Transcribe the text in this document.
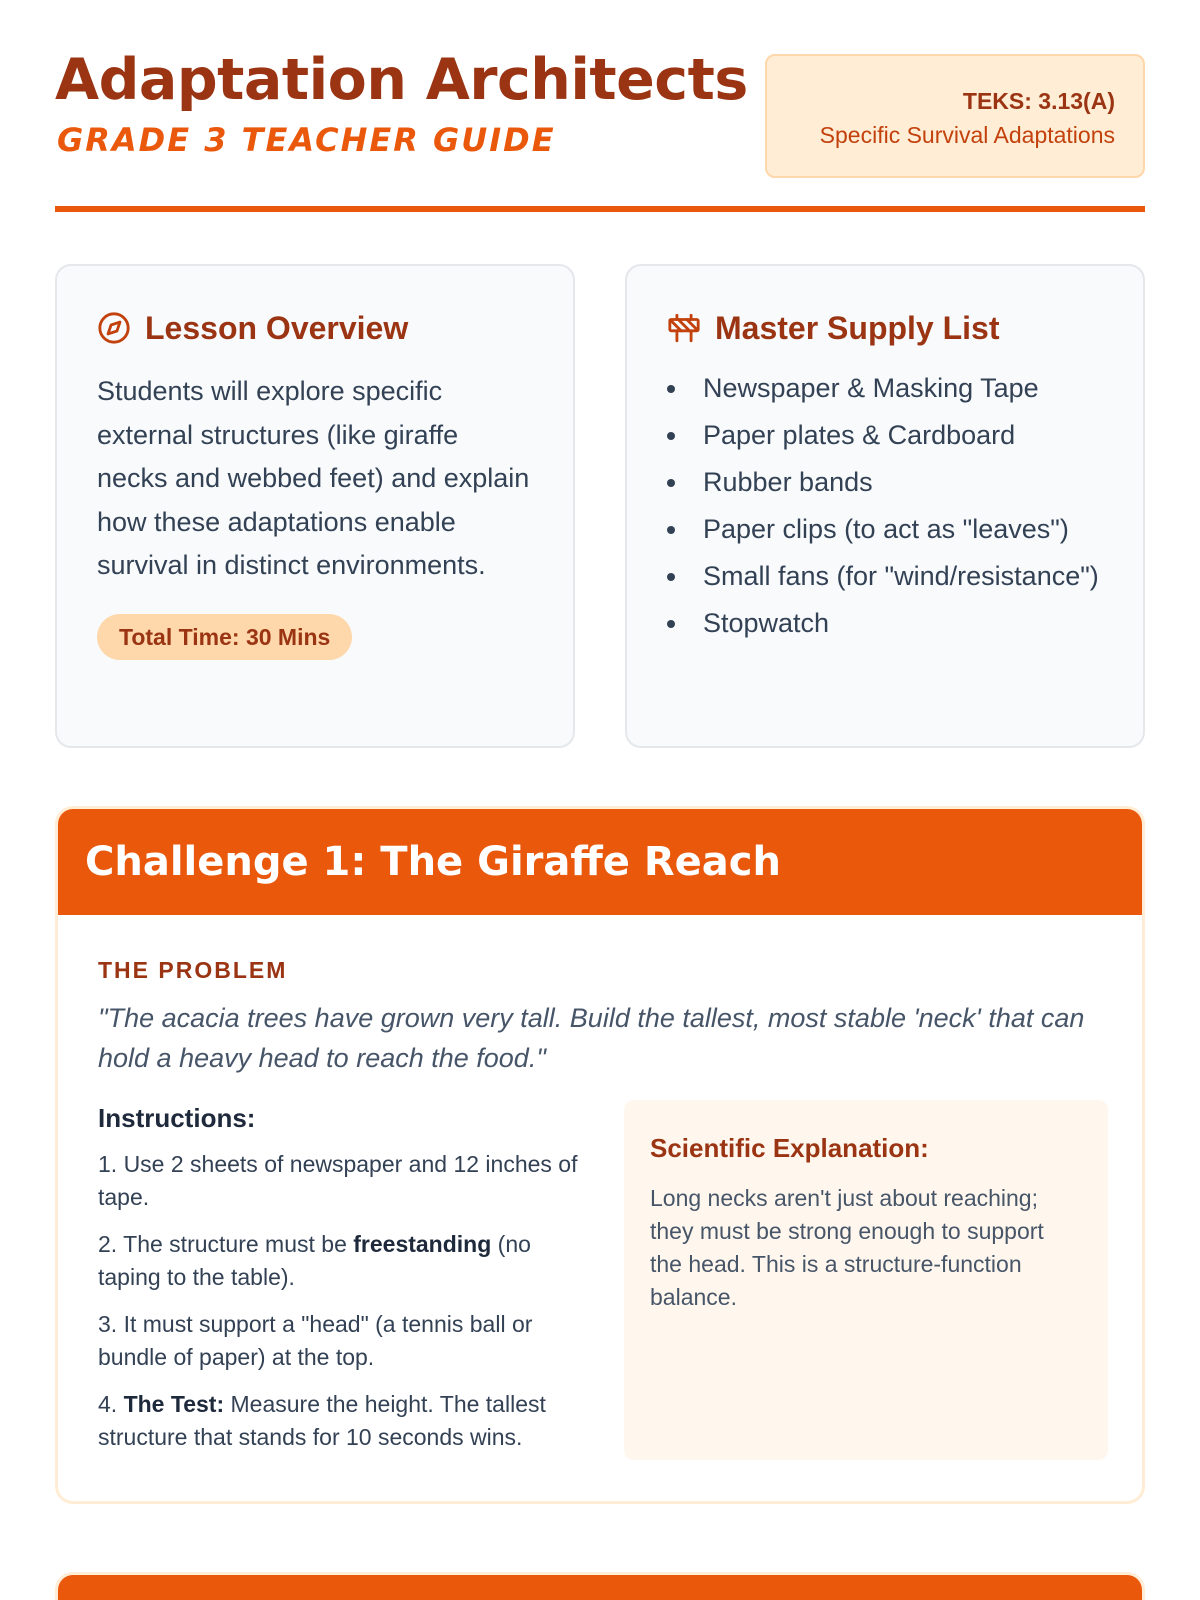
Adaptation Architects
GRADE 3 TEACHER GUIDE
TEKS: 3.13(A)
Specific Survival Adaptations
Lesson Overview

Students will explore specific external structures (like giraffe necks and webbed feet) and explain how these adaptations enable survival in distinct environments.

Total Time: 30 Mins
Master Supply List
Newspaper & Masking Tape
Paper plates & Cardboard
Rubber bands
Paper clips (to act as "leaves")
Small fans (for "wind/resistance")
Stopwatch
Challenge 1: The Giraffe Reach
THE PROBLEM

"The acacia trees have grown very tall. Build the tallest, most stable 'neck' that can hold a heavy head to reach the food."

Instructions:

1. Use 2 sheets of newspaper and 12 inches of tape.

2. The structure must be freestanding (no taping to the table).

3. It must support a "head" (a tennis ball or bundle of paper) at the top.

4. The Test: Measure the height. The tallest structure that stands for 10 seconds wins.

Scientific Explanation:

Long necks aren't just about reaching; they must be strong enough to support the head. This is a structure-function balance.
